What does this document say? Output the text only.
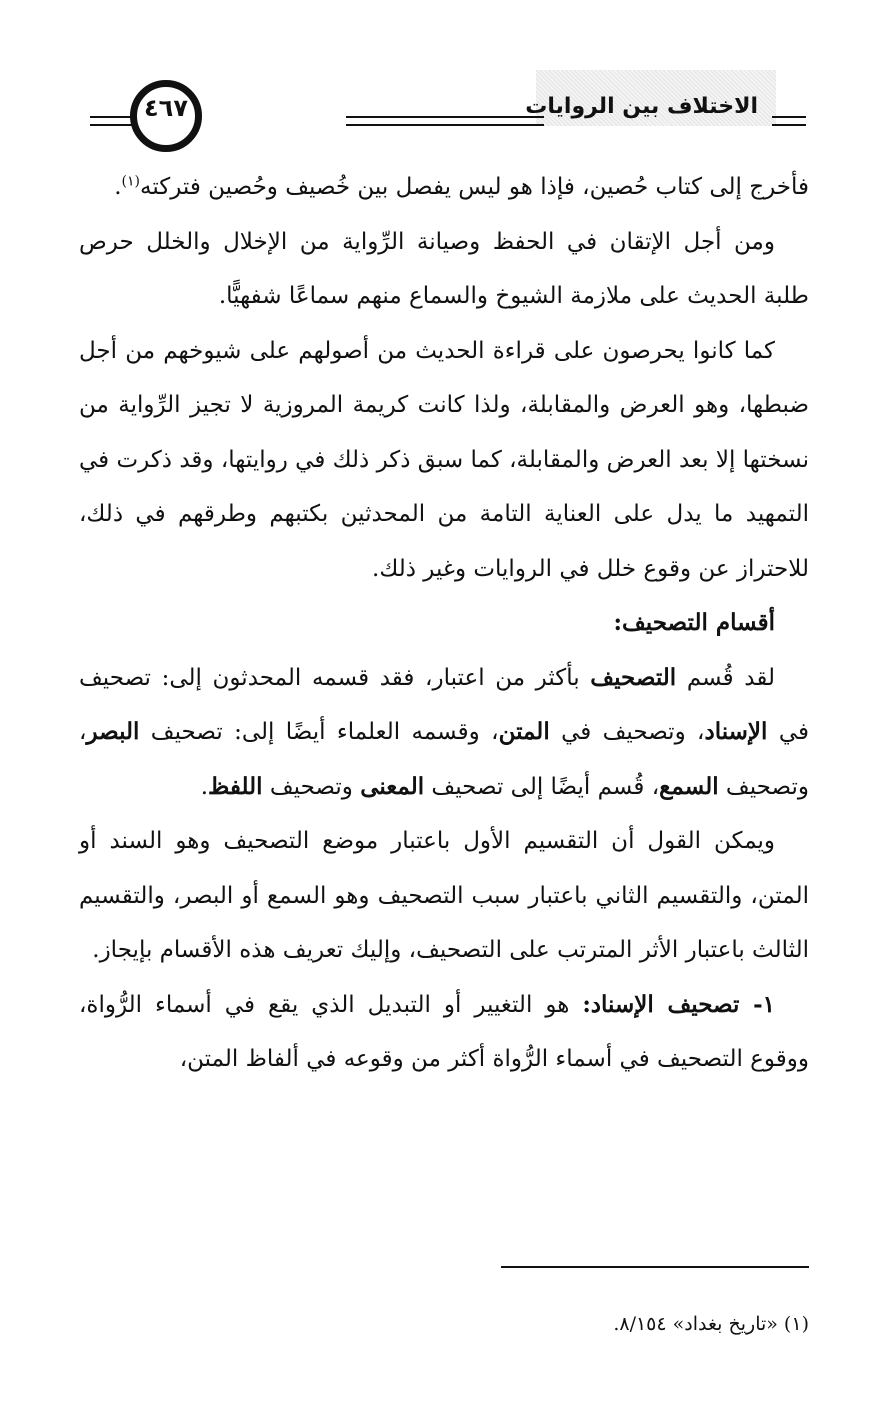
الاختلاف بين الروايات
٤٦٧

فأخرج إلى كتاب حُصين، فإذا هو ليس يفصل بين خُصيف وحُصين فتركته$^{(١)}$.

ومن أجل الإتقان في الحفظ وصيانة الرِّواية من الإخلال والخلل حرص طلبة الحديث على ملازمة الشيوخ والسماع منهم سماعًا شفهيًّا.

كما كانوا يحرصون على قراءة الحديث من أصولهم على شيوخهم من أجل ضبطها، وهو العرض والمقابلة، ولذا كانت كريمة المروزية لا تجيز الرِّواية من نسختها إلا بعد العرض والمقابلة، كما سبق ذكر ذلك في روايتها، وقد ذكرت في التمهيد ما يدل على العناية التامة من المحدثين بكتبهم وطرقهم في ذلك، للاحتراز عن وقوع خلل في الروايات وغير ذلك.

أقسام التصحيف:

لقد قُسم التصحيف بأكثر من اعتبار، فقد قسمه المحدثون إلى: تصحيف في الإسناد، وتصحيف في المتن، وقسمه العلماء أيضًا إلى: تصحيف البصر، وتصحيف السمع، قُسم أيضًا إلى تصحيف المعنى وتصحيف اللفظ.

ويمكن القول أن التقسيم الأول باعتبار موضع التصحيف وهو السند أو المتن، والتقسيم الثاني باعتبار سبب التصحيف وهو السمع أو البصر، والتقسيم الثالث باعتبار الأثر المترتب على التصحيف، وإليك تعريف هذه الأقسام بإيجاز.

١- تصحيف الإسناد: هو التغيير أو التبديل الذي يقع في أسماء الرُّواة، ووقوع التصحيف في أسماء الرُّواة أكثر من وقوعه في ألفاظ المتن،

(١) «تاريخ بغداد» ٨/١٥٤.
